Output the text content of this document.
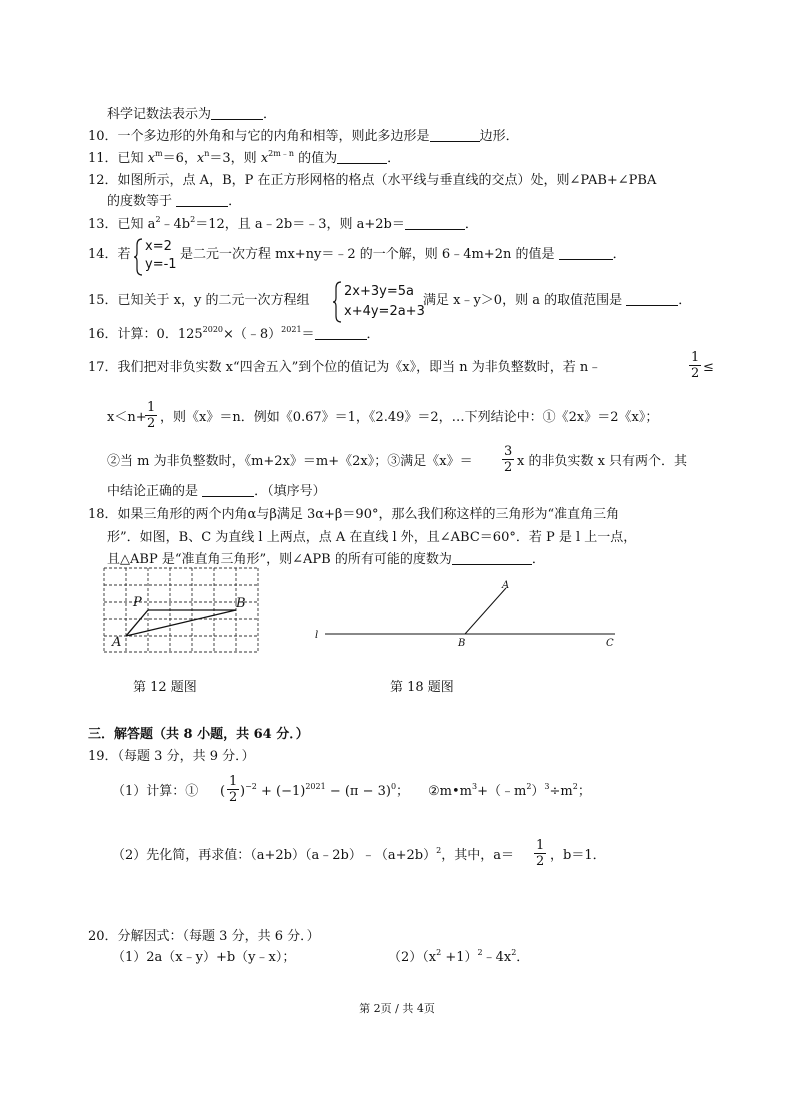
科学记数法表示为	．
10．一个多边形的外角和与它的内角和相等，则此多边形是	边形．
11．已知 $x^m=6$，$x^n=3$，则 $x^{2m﹣n}$ 的值为	．
12．如图所示，点 A，B，P 在正方形网格的格点（水平线与垂直线的交点）处，则∠PAB+∠PBA
的度数等于	．
13．已知 $a^2﹣4b^2=12$，且 a﹣2b＝﹣3，则 a+2b＝	．
14．若
x=2
y=-1
是二元一次方程 mx+ny＝﹣2 的一个解，则 6﹣4m+2n 的值是	．
15．已知关于 x，y 的二元一次方程组
2x+3y=5a
x+4y=2a+3
满足 x﹣y＞0，则 a 的取值范围是	．
16．计算：0．$125^{2020}\times(﹣8)^{2021}=$	．
17．我们把对非负实数 x“四舍五入”到个位的值记为《x》，即当 n 为非负整数时，若 n﹣	$\frac{1}{2}$ ≤
x＜n+
$\frac{1}{2}$ ，则《x》＝n．例如《0.67》＝1，《2.49》＝2，…下列结论中：①《2x》＝2《x》；
②当 m 为非负整数时，《m+2x》＝m+《2x》；③满足《x》＝ $\frac{3}{2}$ x 的非负实数 x 只有两个．其
中结论正确的是	．（填序号）
18．如果三角形的两个内角α与β满足 3α+β＝90°，那么我们称这样的三角形为“准直角三角
形”．如图，B、C 为直线 l 上两点，点 A 在直线 l 外，且∠ABC＝60°．若 P 是 l 上一点，
且△ABP 是“准直角三角形”，则∠APB 的所有可能的度数为	．
P
A
B
l
A
B	C
第 12 题图	第 18 题图
三．解答题（共 8 小题，共 64 分．）
19．（每题 3 分，共 9 分．）
（1）计算：① ( $\frac{1}{2} )^{-2} + (-1)^{2021} - (\pi - 3)^0$ ； $②m•m^3+(﹣m^2)^3\div m^2$；
（2）先化简，再求值：$(a+2b)(a﹣2b)﹣(a+2b)^2$，其中，$a= \frac{1}{2}$ ，b＝1．
20．分解因式：（每题 3 分，共 6 分．）
（1）2a（x﹣y）+b（y﹣x）；	$(2)(x^2$ $+1)^2﹣4x^2$．
第 2页 / 共 4页
